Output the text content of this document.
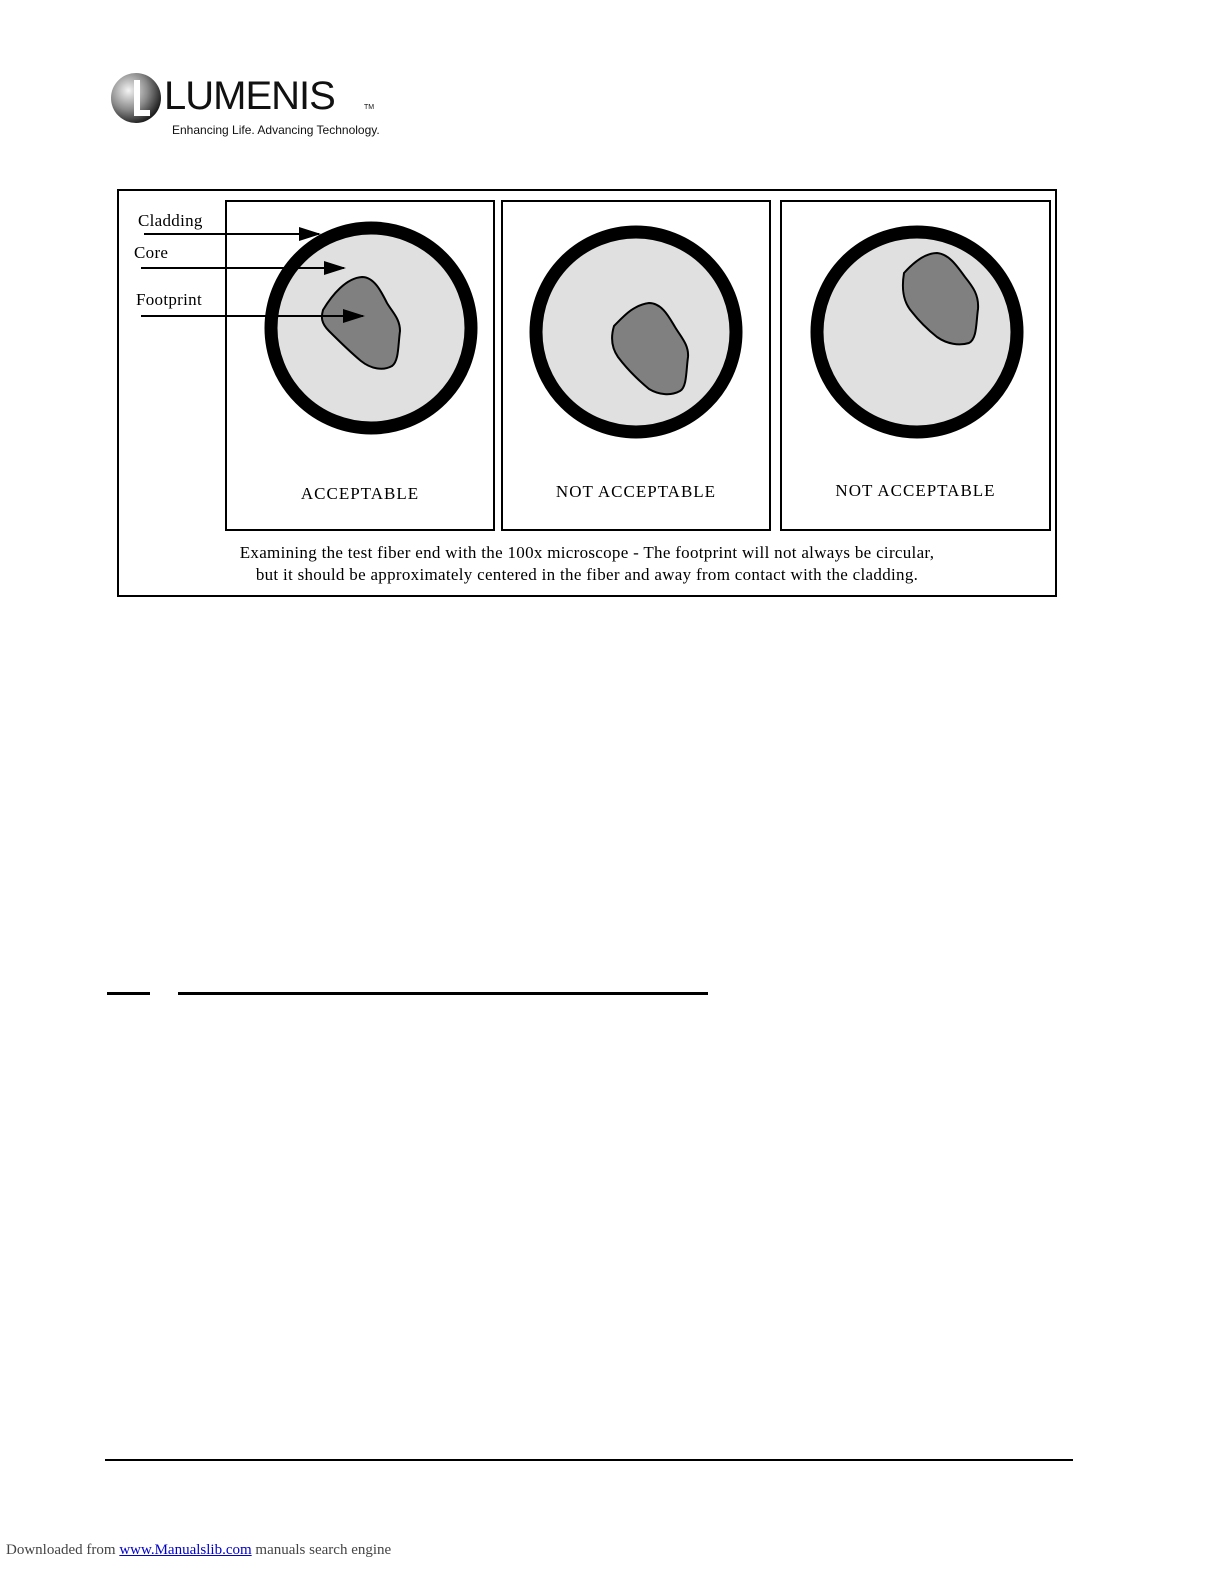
LUMENIS	TM
Enhancing Life. Advancing Technology.
Cladding
Core
Footprint
ACCEPTABLE	NOT ACCEPTABLE	NOT ACCEPTABLE
Examining the test fiber end with the 100x microscope - The footprint will not always be circular,
but it should be approximately centered in the fiber and away from contact with the cladding.
Downloaded from www.Manualslib.com manuals search engine
